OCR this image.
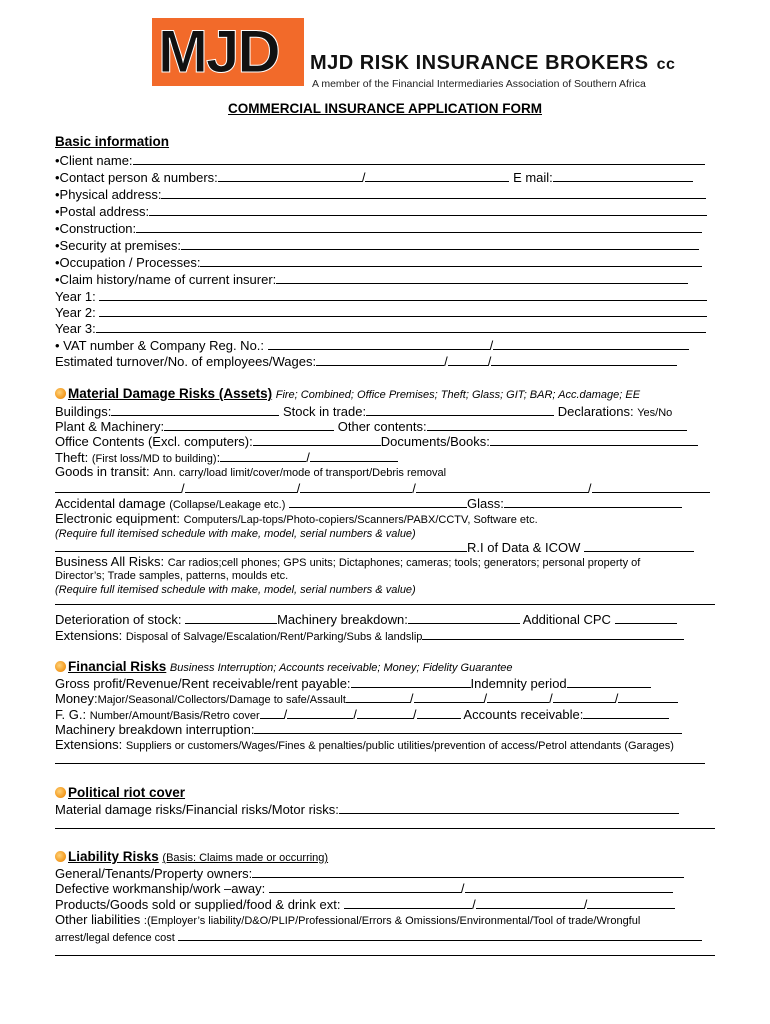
MJD MJD RISK INSURANCE BROKERS cc
A member of the Financial Intermediaries Association of Southern Africa
COMMERCIAL INSURANCE APPLICATION FORM
Basic information
•Client name:
•Contact person & numbers:	/	E mail:
•Physical address:
•Postal address:
•Construction:
•Security at premises:
•Occupation / Processes:
•Claim history/name of current insurer:
Year 1:
Year 2:
Year 3:
• VAT number & Company Reg. No.:	/
Estimated turnover/No. of employees/Wages:	/	/
Material Damage Risks (Assets) Fire; Combined; Office Premises; Theft; Glass; GIT; BAR; Acc.damage; EE
Buildings:	Stock in trade:	Declarations: Yes/No
Plant & Machinery:	Other contents:
Office Contents (Excl. computers):	Documents/Books:
Theft: (First loss/MD to building):	/
Goods in transit: Ann. carry/load limit/cover/mode of transport/Debris removal
/	/	/	/
Accidental damage (Collapse/Leakage etc.)	Glass:
Electronic equipment: Computers/Lap-tops/Photo-copiers/Scanners/PABX/CCTV, Software etc.
(Require full itemised schedule with make, model, serial numbers & value)
R.I of Data & ICOW
Business All Risks: Car radios;cell phones; GPS units; Dictaphones; cameras; tools; generators; personal property of
Director’s; Trade samples, patterns, moulds etc.
(Require full itemised schedule with make, model, serial numbers & value)
Deterioration of stock:	Machinery breakdown:	Additional CPC
Extensions: Disposal of Salvage/Escalation/Rent/Parking/Subs & landslip
Financial Risks Business Interruption; Accounts receivable; Money; Fidelity Guarantee
Gross profit/Revenue/Rent receivable/rent payable:	Indemnity period
Money:Major/Seasonal/Collectors/Damage to safe/Assault	/	/	/	/
F. G.: Number/Amount/Basis/Retro cover /	/	/	Accounts receivable:
Machinery breakdown interruption:
Extensions: Suppliers or customers/Wages/Fines & penalties/public utilities/prevention of access/Petrol attendants (Garages)
Political riot cover
Material damage risks/Financial risks/Motor risks:
Liability Risks (Basis: Claims made or occurring)
General/Tenants/Property owners:
Defective workmanship/work –away:	/
Products/Goods sold or supplied/food & drink ext:	/	/
Other liabilities :(Employer’s liability/D&O/PLIP/Professional/Errors & Omissions/Environmental/Tool of trade/Wrongful
arrest/legal defence cost
